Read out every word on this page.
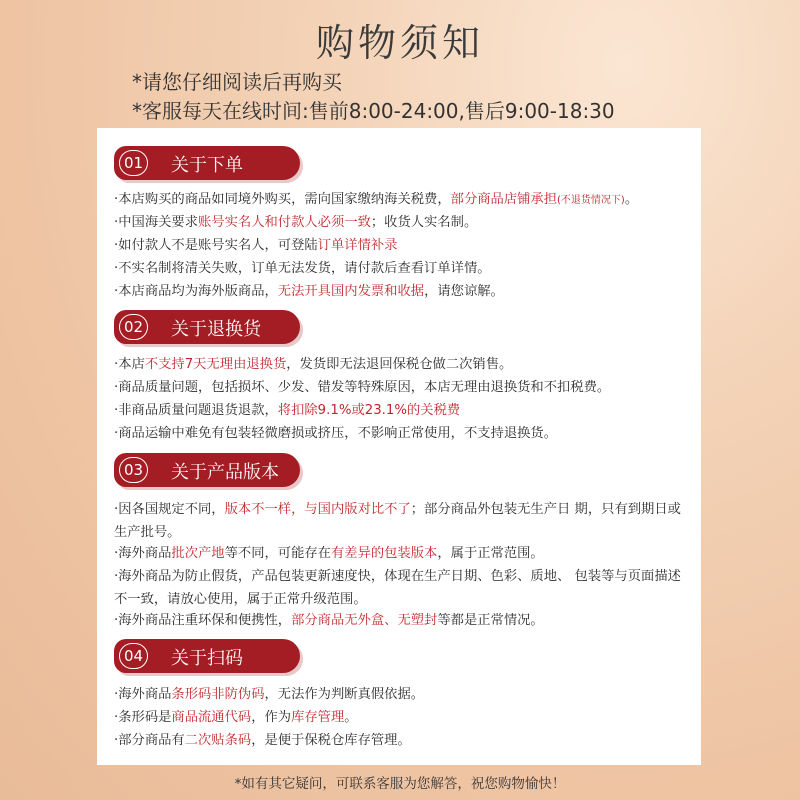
购物须知
*请您仔细阅读后再购买
*客服每天在线时间:售前8:00-24:00,售后9:00-18:30
01 关于下单
·本店购买的商品如同境外购买，需向国家缴纳海关税费，部分商品店铺承担(不退货情况下)。
·中国海关要求账号实名人和付款人必须一致；收货人实名制。
·如付款人不是账号实名人，可登陆订单详情补录
·不实名制将清关失败，订单无法发货，请付款后查看订单详情。
·本店商品均为海外版商品，无法开具国内发票和收据，请您谅解。
02 关于退换货
·本店不支持7天无理由退换货，发货即无法退回保税仓做二次销售。
·商品质量问题，包括损坏、少发、错发等特殊原因，本店无理由退换货和不扣税费。
·非商品质量问题退货退款，将扣除9.1%或23.1%的关税费
·商品运输中难免有包装轻微磨损或挤压，不影响正常使用，不支持退换货。
03 关于产品版本
·因各国规定不同，版本不一样，与国内版对比不了；部分商品外包装无生产日 期，只有到期日或生产批号。
·海外商品批次产地等不同，可能存在有差异的包装版本，属于正常范围。
·海外商品为防止假货，产品包装更新速度快，体现在生产日期、色彩、质地、 包装等与页面描述不一致，请放心使用，属于正常升级范围。
·海外商品注重环保和便携性，部分商品无外盒、无塑封等都是正常情况。
04 关于扫码
·海外商品条形码非防伪码，无法作为判断真假依据。
·条形码是商品流通代码，作为库存管理。
·部分商品有二次贴条码，是便于保税仓库存管理。
*如有其它疑问，可联系客服为您解答，祝您购物愉快！
